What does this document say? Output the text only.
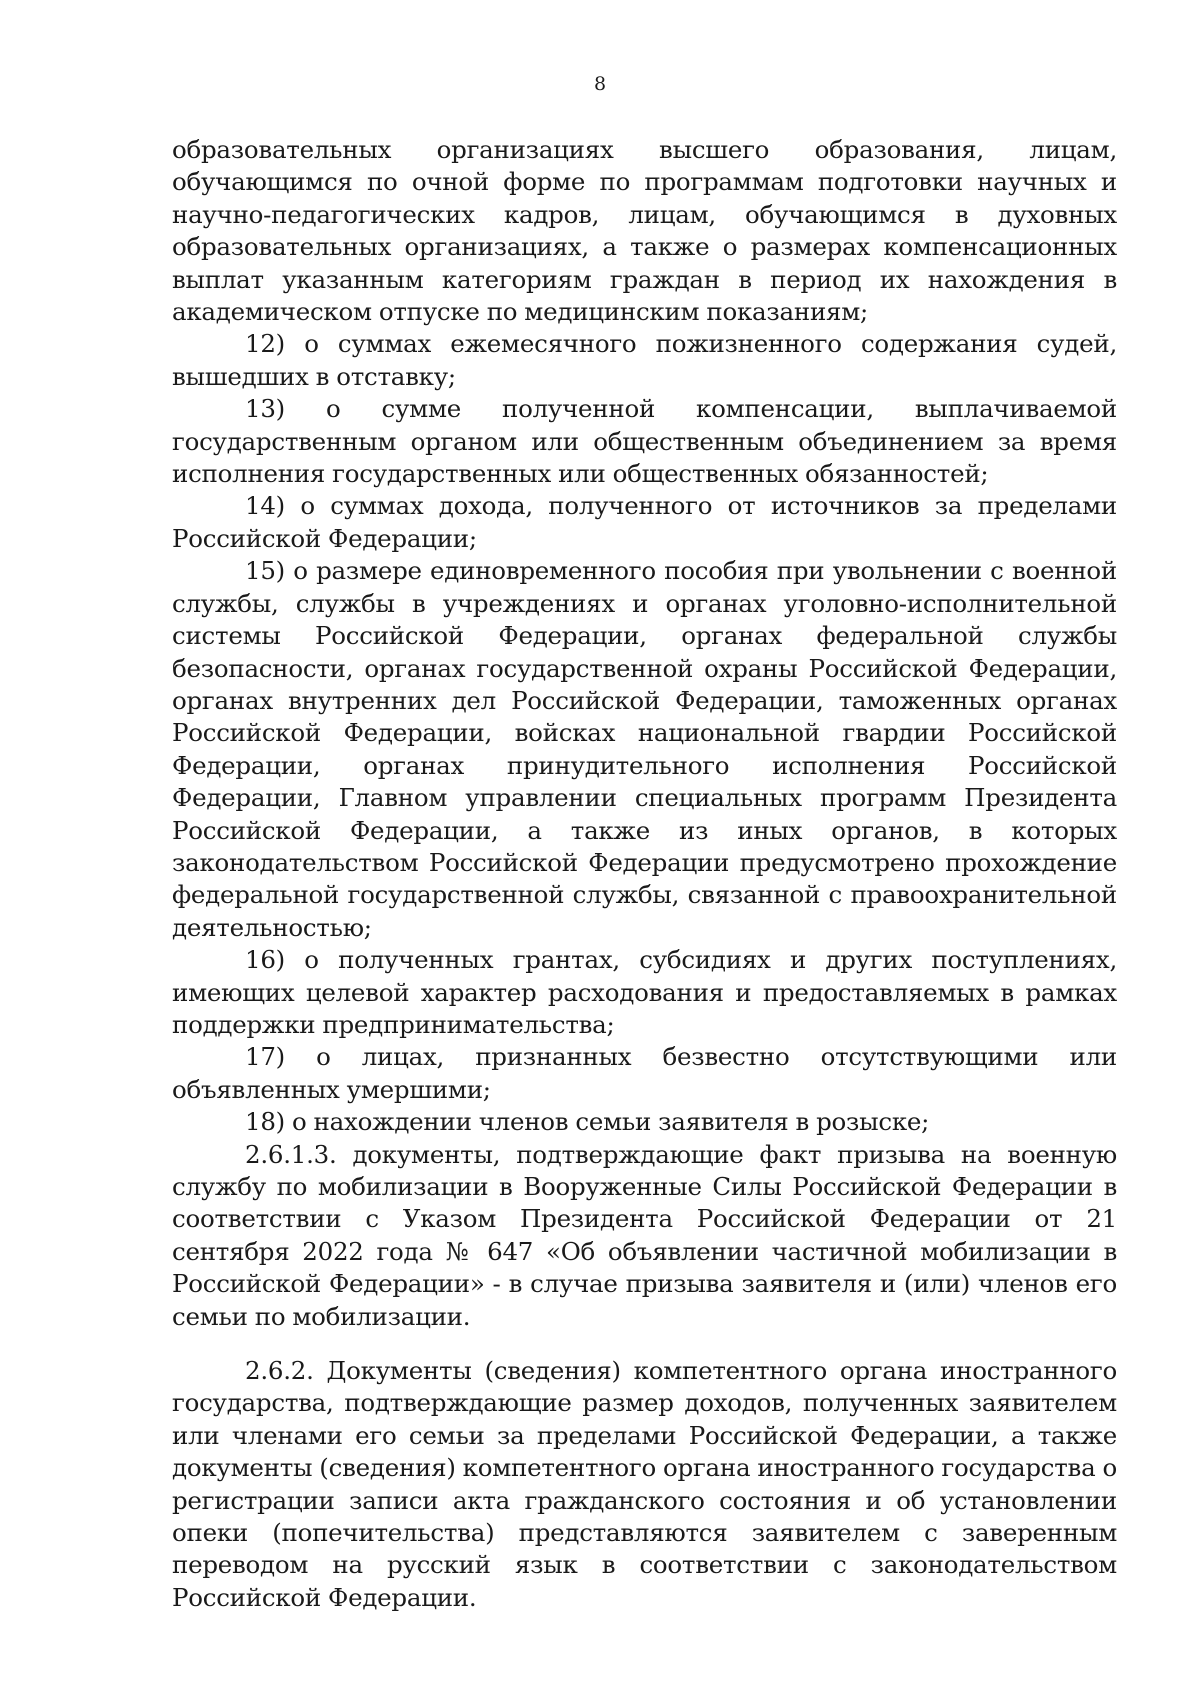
8

образовательных организациях высшего образования, лицам, обучающимся по очной форме по программам подготовки научных и научно-педагогических кадров, лицам, обучающимся в духовных образовательных организациях, а также о размерах компенсационных выплат указанным категориям граждан в период их нахождения в академическом отпуске по медицинским показаниям;

12) о суммах ежемесячного пожизненного содержания судей, вышедших в отставку;

13) о сумме полученной компенсации, выплачиваемой государственным органом или общественным объединением за время исполнения государственных или общественных обязанностей;

14) о суммах дохода, полученного от источников за пределами Российской Федерации;

15) о размере единовременного пособия при увольнении с военной службы, службы в учреждениях и органах уголовно-исполнительной системы Российской Федерации, органах федеральной службы безопасности, органах государственной охраны Российской Федерации, органах внутренних дел Российской Федерации, таможенных органах Российской Федерации, войсках национальной гвардии Российской Федерации, органах принудительного исполнения Российской Федерации, Главном управлении специальных программ Президента Российской Федерации, а также из иных органов, в которых законодательством Российской Федерации предусмотрено прохождение федеральной государственной службы, связанной с правоохранительной деятельностью;

16) о полученных грантах, субсидиях и других поступлениях, имеющих целевой характер расходования и предоставляемых в рамках поддержки предпринимательства;

17) о лицах, признанных безвестно отсутствующими или объявленных умершими;

18) о нахождении членов семьи заявителя в розыске;

2.6.1.3. документы, подтверждающие факт призыва на военную службу по мобилизации в Вооруженные Силы Российской Федерации в соответствии с Указом Президента Российской Федерации от 21 сентября 2022 года № 647 «Об объявлении частичной мобилизации в Российской Федерации» - в случае призыва заявителя и (или) членов его семьи по мобилизации.

2.6.2. Документы (сведения) компетентного органа иностранного государства, подтверждающие размер доходов, полученных заявителем или членами его семьи за пределами Российской Федерации, а также документы (сведения) компетентного органа иностранного государства о регистрации записи акта гражданского состояния и об установлении опеки (попечительства) представляются заявителем с заверенным переводом на русский язык в соответствии с законодательством Российской Федерации.
